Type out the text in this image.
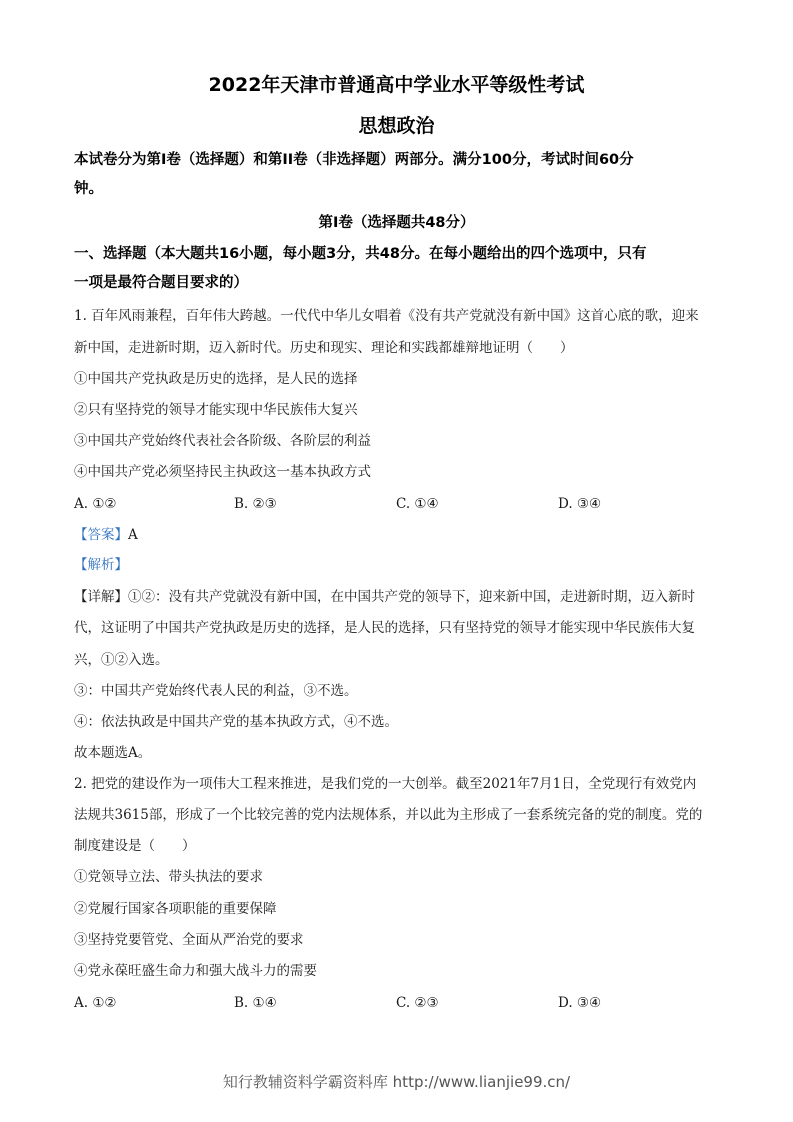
2022年天津市普通高中学业水平等级性考试
思想政治
本试卷分为第Ⅰ卷（选择题）和第II卷（非选择题）两部分。满分100分，考试时间60分
钟。
第Ⅰ卷（选择题共48分）
一、选择题（本大题共16小题，每小题3分，共48分。在每小题给出的四个选项中，只有
一项是最符合题目要求的）
1. 百年风雨兼程，百年伟大跨越。一代代中华儿女唱着《没有共产党就没有新中国》这首心底的歌，迎来
新中国，走进新时期，迈入新时代。历史和现实、理论和实践都雄辩地证明（　　）
①中国共产党执政是历史的选择，是人民的选择
②只有坚持党的领导才能实现中华民族伟大复兴
③中国共产党始终代表社会各阶级、各阶层的利益
④中国共产党必须坚持民主执政这一基本执政方式
A. ①②	B. ②③	C. ①④	D. ③④
【答案】A
【解析】
【详解】①②：没有共产党就没有新中国，在中国共产党的领导下，迎来新中国，走进新时期，迈入新时
代，这证明了中国共产党执政是历史的选择，是人民的选择，只有坚持党的领导才能实现中华民族伟大复
兴，①②入选。
③：中国共产党始终代表人民的利益，③不选。
④：依法执政是中国共产党的基本执政方式，④不选。
故本题选A。
2. 把党的建设作为一项伟大工程来推进，是我们党的一大创举。截至2021年7月1日，全党现行有效党内
法规共3615部，形成了一个比较完善的党内法规体系，并以此为主形成了一套系统完备的党的制度。党的
制度建设是（　　）
①党领导立法、带头执法的要求
②党履行国家各项职能的重要保障
③坚持党要管党、全面从严治党的要求
④党永葆旺盛生命力和强大战斗力的需要
A. ①②	B. ①④	C. ②③	D. ③④
知行教辅资料学霸资料库 http://www.lianjie99.cn/
